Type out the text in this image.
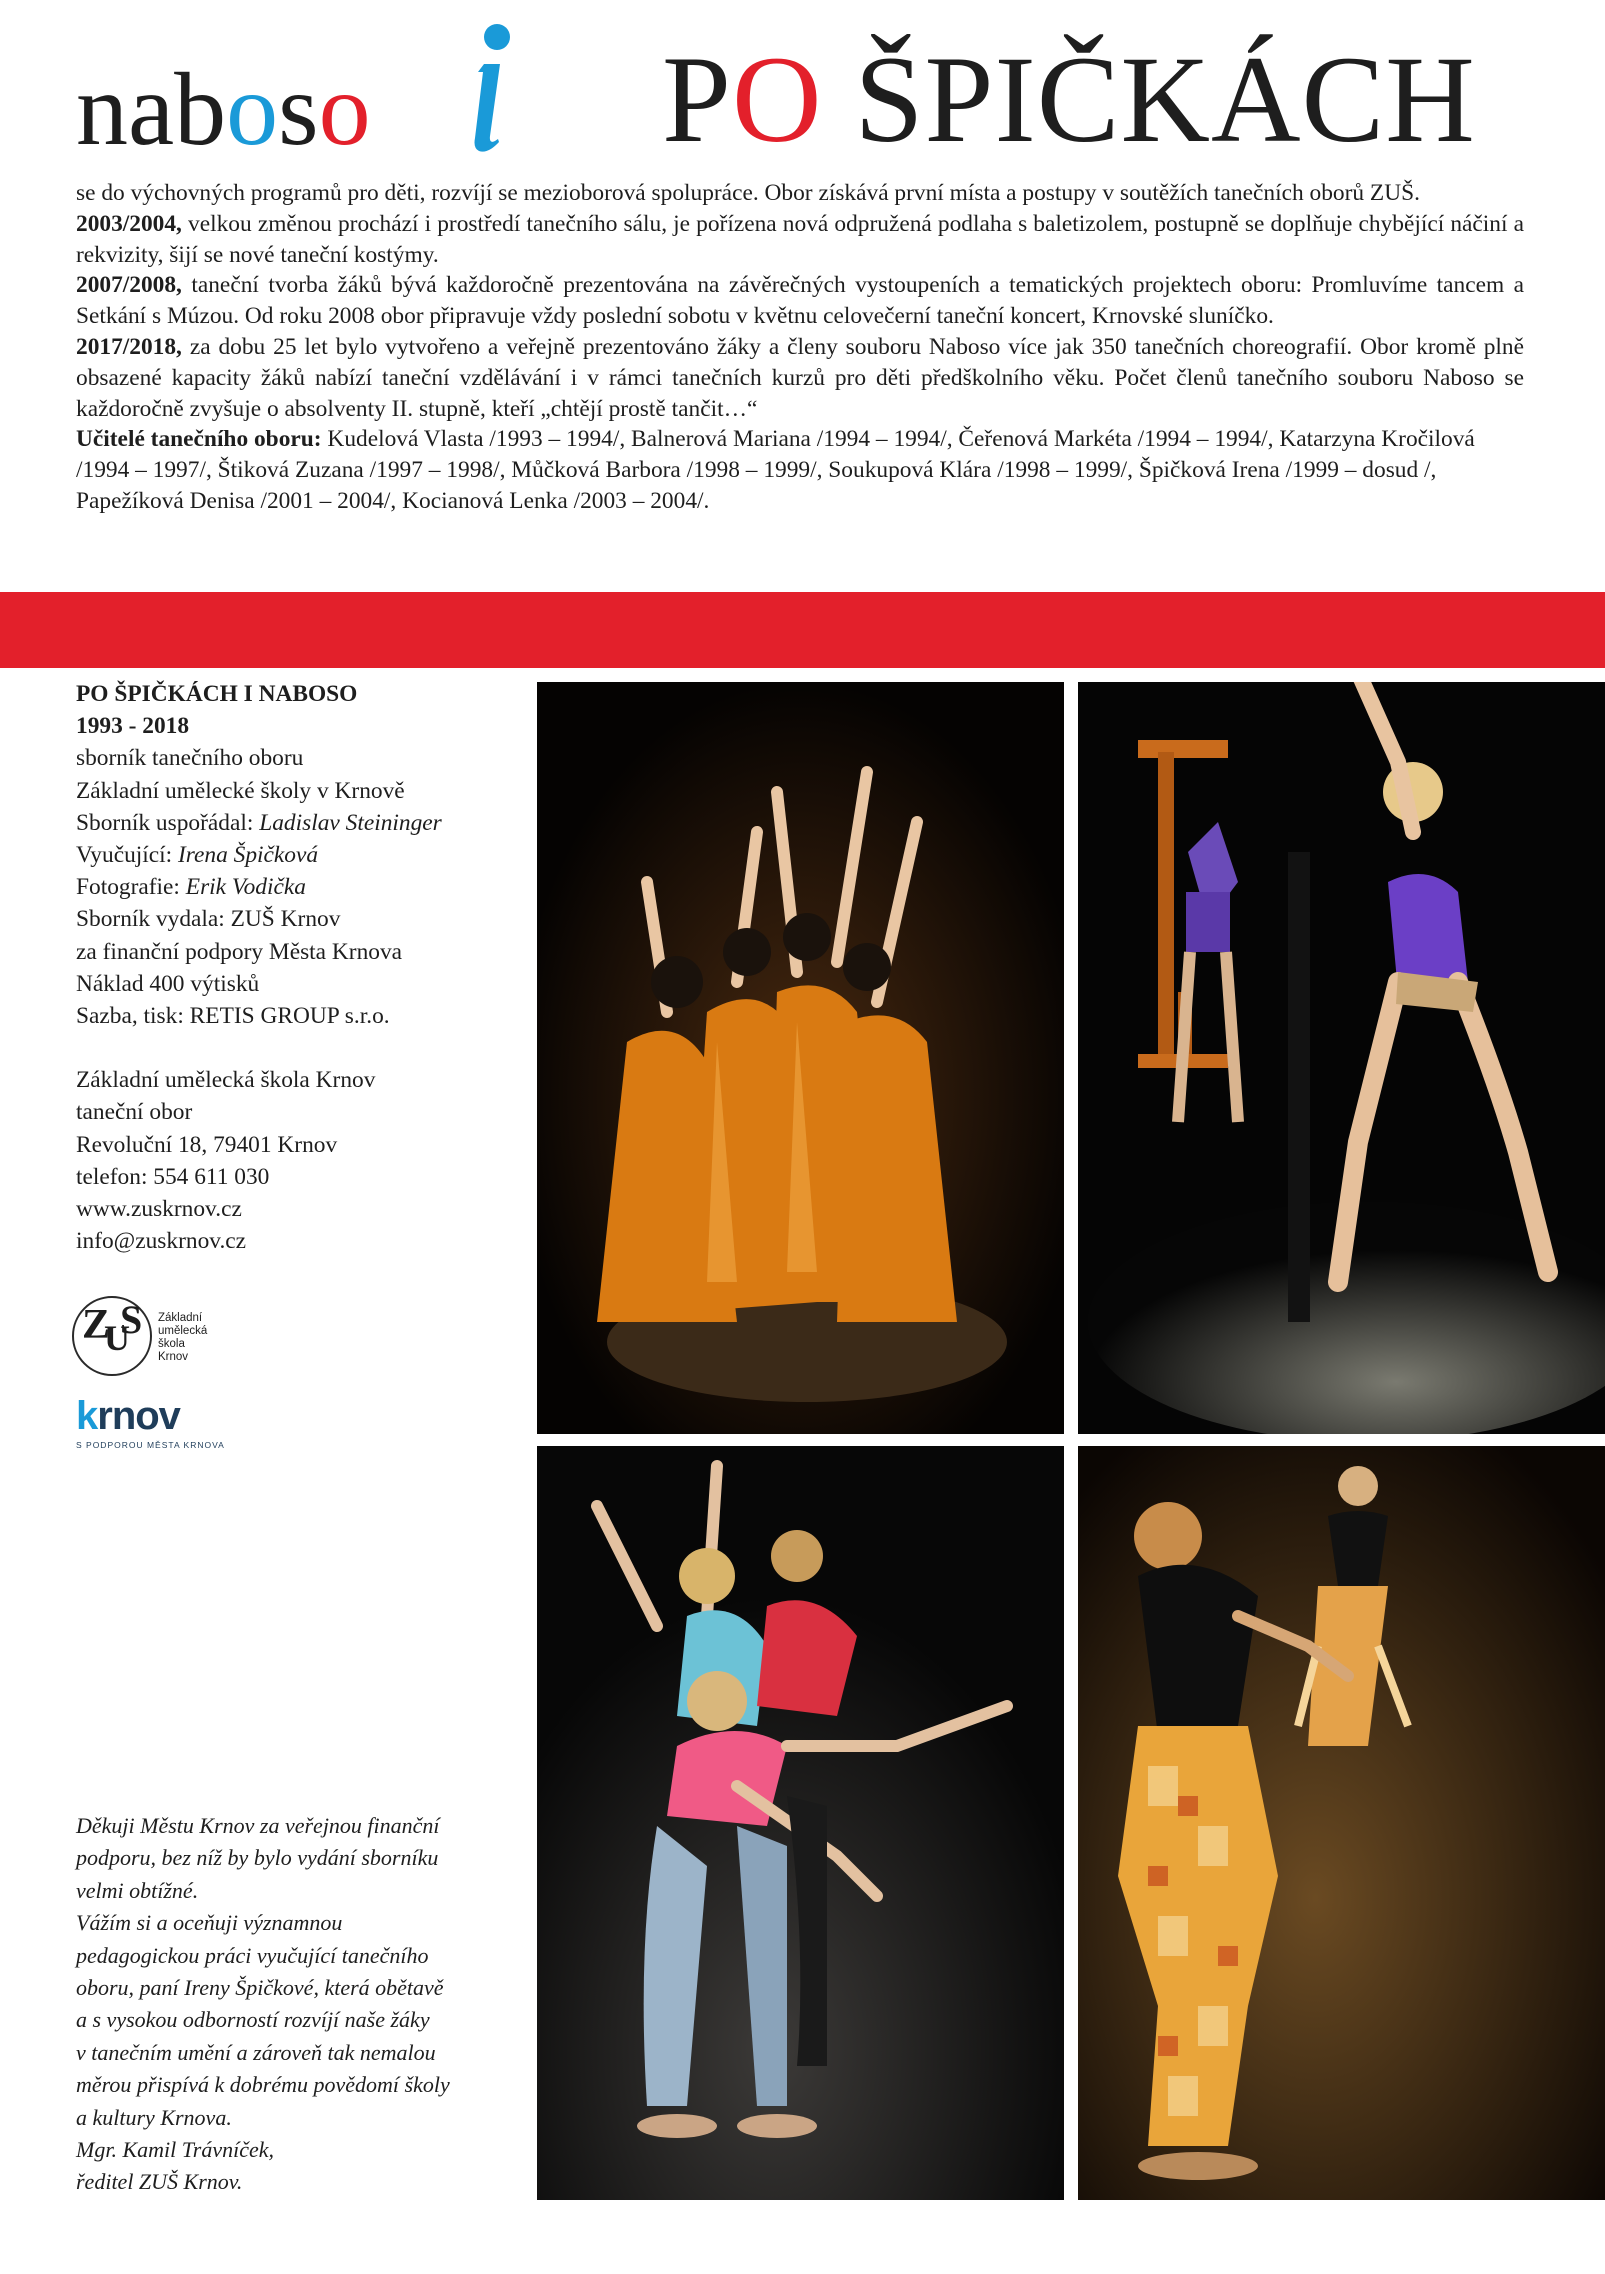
naboso PO ŠPIČKÁCH

se do výchovných programů pro děti, rozvíjí se mezioborová spolupráce. Obor získává první místa a postupy v soutěžích tanečních oborů ZUŠ.

2003/2004, velkou změnou prochází i prostředí tanečního sálu, je pořízena nová odpružená podlaha s baletizolem, postupně se doplňuje chybějící náčiní a rekvizity, šijí se nové taneční kostýmy.

2007/2008, taneční tvorba žáků bývá každoročně prezentována na závěrečných vystoupeních a tematických projektech oboru: Promluvíme tancem a Setkání s Múzou. Od roku 2008 obor připravuje vždy poslední sobotu v květnu celovečerní taneční koncert, Krnovské sluníčko.

2017/2018, za dobu 25 let bylo vytvořeno a veřejně prezentováno žáky a členy souboru Naboso více jak 350 tanečních choreografií. Obor kromě plně obsazené kapacity žáků nabízí taneční vzdělávání i v rámci tanečních kurzů pro děti předškolního věku. Počet členů tanečního souboru Naboso se každoročně zvyšuje o absolventy II. stupně, kteří „chtějí prostě tančit…“

Učitelé tanečního oboru: Kudelová Vlasta /1993 – 1994/, Balnerová Mariana /1994 – 1994/, Čeřenová Markéta /1994 – 1994/, Katarzyna Kročilová /1994 – 1997/, Štiková Zuzana /1997 – 1998/, Můčková Barbora /1998 – 1999/, Soukupová Klára /1998 – 1999/, Špičková Irena /1999 – dosud /, Papežíková Denisa /2001 – 2004/, Kocianová Lenka /2003 – 2004/.

PO ŠPIČKÁCH I NABOSO
1993 - 2018
sborník tanečního oboru
Základní umělecké školy v Krnově
Sborník uspořádal: Ladislav Steininger
Vyučující: Irena Špičková
Fotografie: Erik Vodička
Sborník vydala: ZUŠ Krnov
za finanční podpory Města Krnova
Náklad 400 výtisků
Sazba, tisk: RETIS GROUP s.r.o.
Základní umělecká škola Krnov
taneční obor
Revoluční 18, 79401 Krnov
telefon: 554 611 030
www.zuskrnov.cz
info@zuskrnov.cz
Z
U
S Základní
umělecká
škola
Krnov
krnov
S PODPOROU MĚSTA KRNOVA
Děkuji Městu Krnov za veřejnou finanční
podporu, bez níž by bylo vydání sborníku
velmi obtížné.
Vážím si a oceňuji významnou
pedagogickou práci vyučující tanečního
oboru, paní Ireny Špičkové, která obětavě
a s vysokou odborností rozvíjí naše žáky
v tanečním umění a zároveň tak nemalou
měrou přispívá k dobrému povědomí školy
a kultury Krnova.
Mgr. Kamil Trávníček,
ředitel ZUŠ Krnov.
